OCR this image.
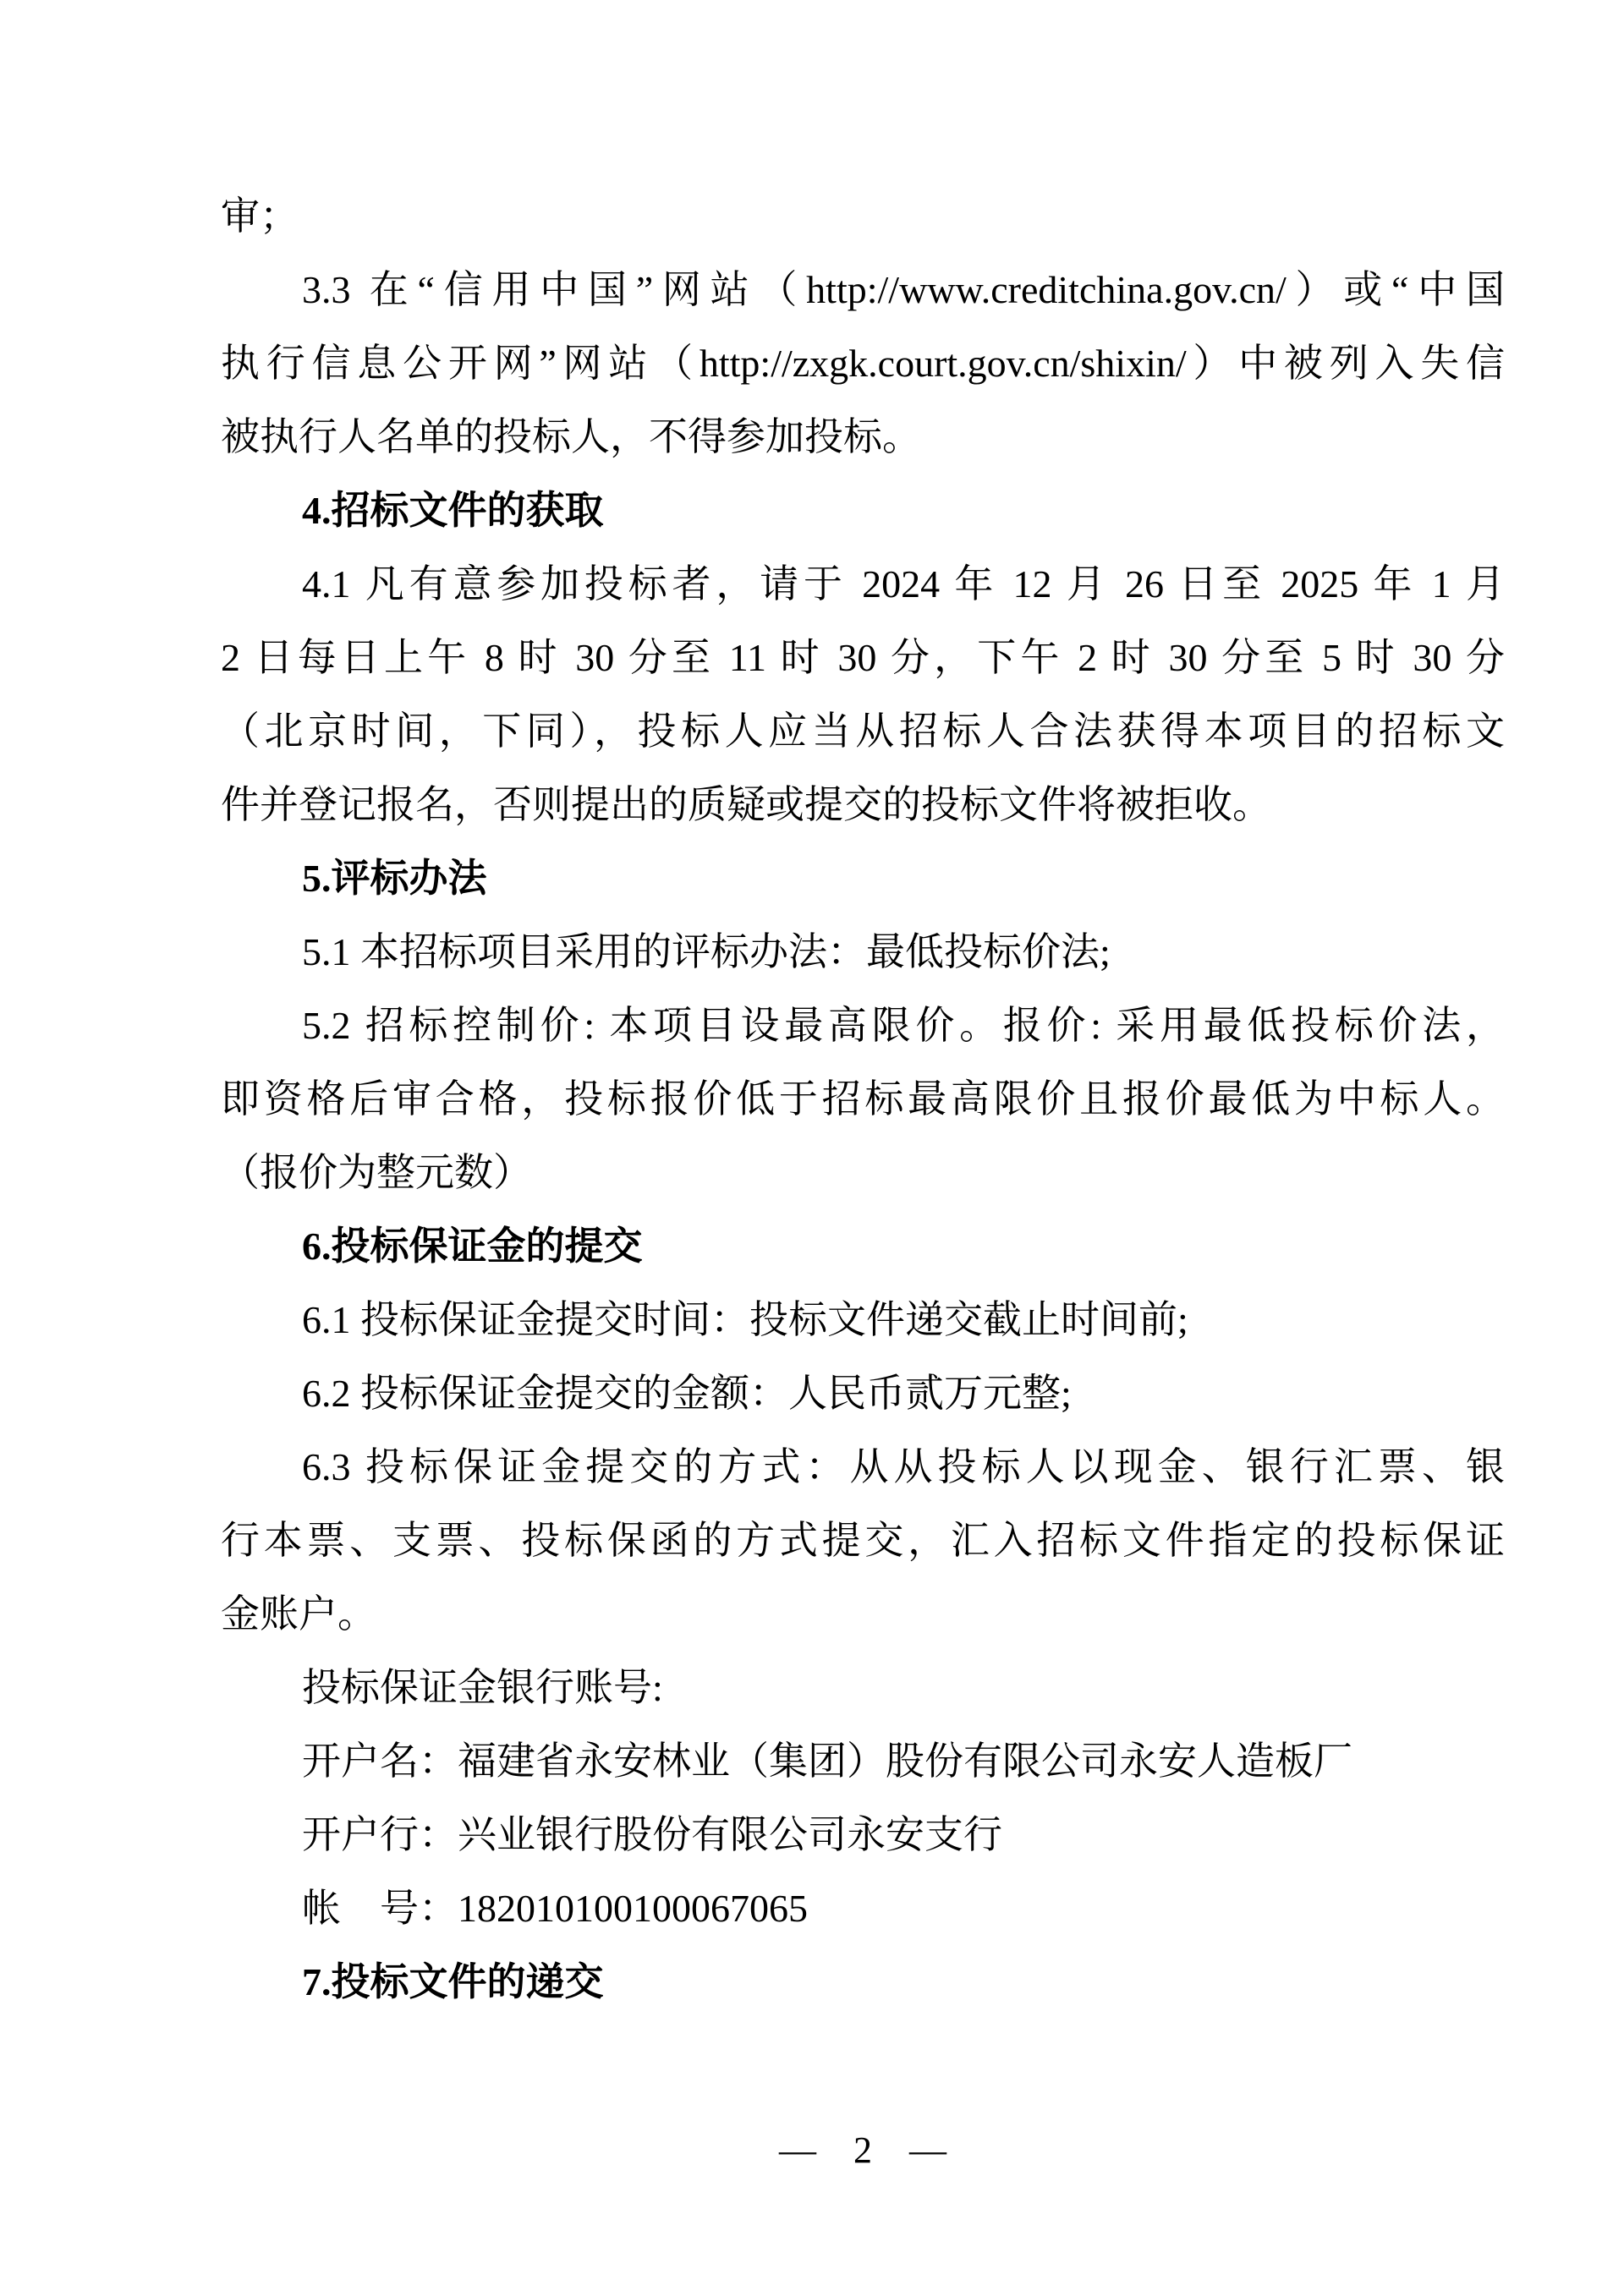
审；
3.3 在“信用中国”网站（http://www.creditchina.gov.cn/）或“中国
执行信息公开网”网站（http://zxgk.court.gov.cn/shixin/）中被列入失信
被执行人名单的投标人，不得参加投标。
4.招标文件的获取
4.1 凡有意参加投标者，请于 2024 年 12 月 26 日至 2025 年 1 月
2 日每日上午 8 时 30 分至 11 时 30 分，下午 2 时 30 分至 5 时 30 分
（北京时间，下同），投标人应当从招标人合法获得本项目的招标文
件并登记报名，否则提出的质疑或提交的投标文件将被拒收。
5.评标办法
5.1 本招标项目采用的评标办法：最低投标价法;
5.2 招标控制价: 本项目设最高限价。报价: 采用最低投标价法，
即资格后审合格，投标报价低于招标最高限价且报价最低为中标人。
（报价为整元数）
6.投标保证金的提交
6.1 投标保证金提交时间：投标文件递交截止时间前;
6.2 投标保证金提交的金额：人民币贰万元整;
6.3 投标保证金提交的方式：从从投标人以现金、银行汇票、银
行本票、支票、投标保函的方式提交，汇入招标文件指定的投标保证
金账户。
投标保证金银行账号:
开户名：福建省永安林业（集团）股份有限公司永安人造板厂
开户行：兴业银行股份有限公司永安支行
帐　号：182010100100067065
7.投标文件的递交
—　2　—
